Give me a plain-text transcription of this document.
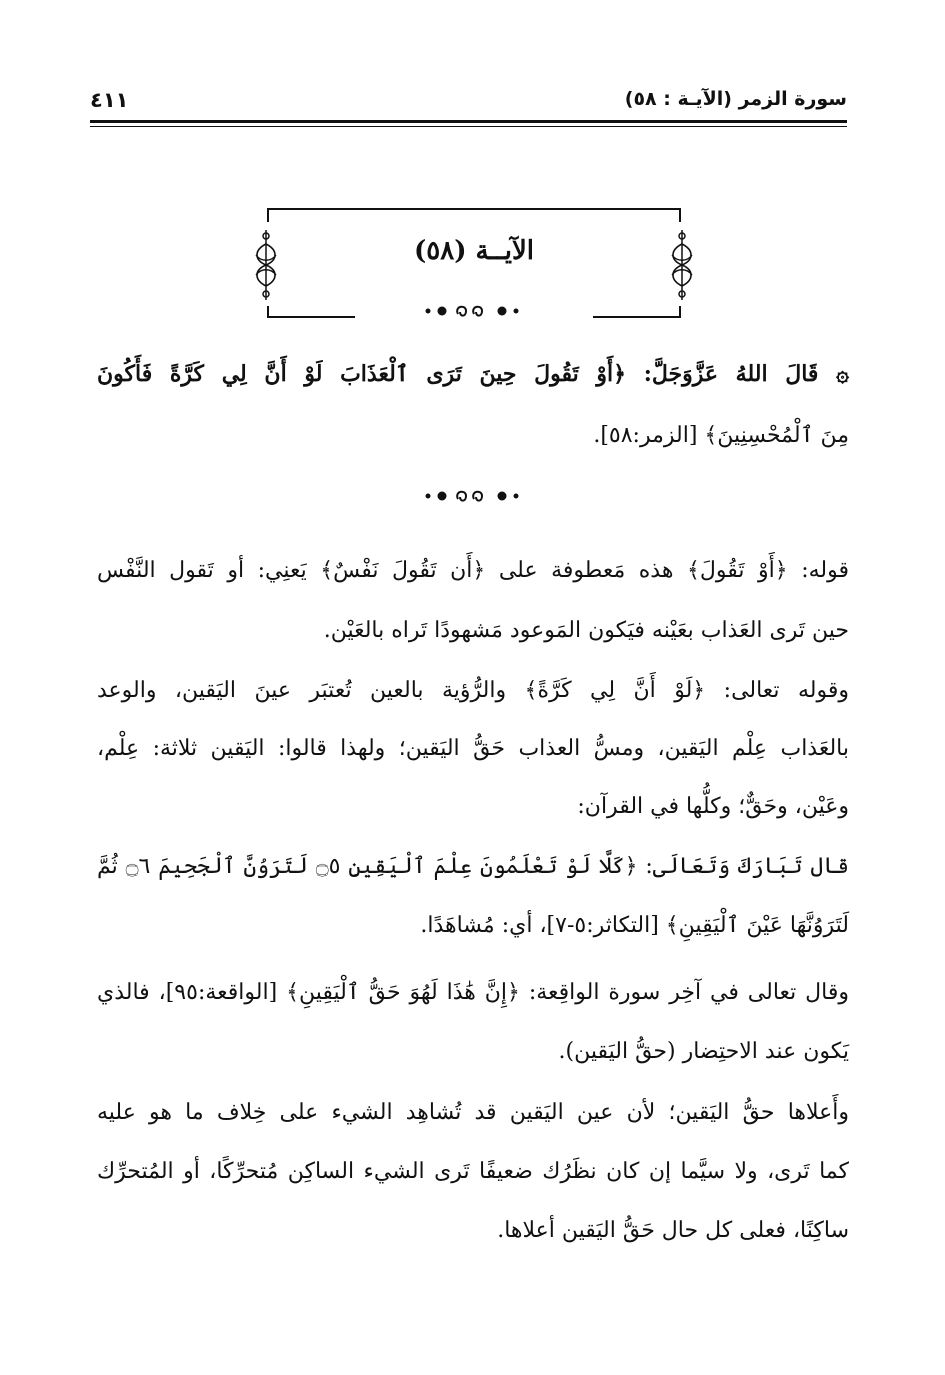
سورة الزمر (الآيـة : ٥٨)
٤١١
الآيــة (٥٨)
۞ قَالَ اللهُ عَزَّوَجَلَّ: ﴿أَوْ تَقُولَ حِينَ تَرَى ٱلْعَذَابَ لَوْ أَنَّ لِي كَرَّةً فَأَكُونَ
مِنَ ٱلْمُحْسِنِينَ﴾ [الزمر:٥٨].
قوله: ﴿أَوْ تَقُولَ﴾ هذه مَعطوفة على ﴿أَن تَقُولَ نَفْسٌ﴾ يَعنِي: أو تَقول النَّفْس
حين تَرى العَذاب بعَيْنه فيَكون المَوعود مَشهودًا تَراه بالعَيْن.
وقوله تعالى: ﴿لَوْ أَنَّ لِي كَرَّةً﴾ والرُّؤية بالعين تُعتبَر عينَ اليَقين، والوعد
بالعَذاب عِلْم اليَقين، ومسُّ العذاب حَقُّ اليَقين؛ ولهذا قالوا: اليَقين ثلاثة: عِلْم،
وعَيْن، وحَقٌّ؛ وكلُّها في القرآن:
قال تَبَارَكَ وَتَعَالَى: ﴿كَلَّا لَوْ تَعْلَمُونَ عِلْمَ ٱلْيَقِينِ ۝٥ لَتَرَوُنَّ ٱلْجَحِيمَ ۝٦ ثُمَّ
لَتَرَوُنَّهَا عَيْنَ ٱلْيَقِينِ﴾ [التكاثر:٥-٧]، أي: مُشاهَدًا.
وقال تعالى في آخِر سورة الواقِعة: ﴿إِنَّ هَٰذَا لَهُوَ حَقُّ ٱلْيَقِينِ﴾ [الواقعة:٩٥]، فالذي
يَكون عند الاحتِضار (حقُّ اليَقين).
وأَعلاها حقُّ اليَقين؛ لأن عين اليَقين قد تُشاهِد الشيء على خِلاف ما هو عليه
كما تَرى، ولا سيَّما إن كان نظَرُك ضعيفًا تَرى الشيء الساكِن مُتحرِّكًا، أو المُتحرِّك
ساكِنًا، فعلى كل حال حَقُّ اليَقين أعلاها.
